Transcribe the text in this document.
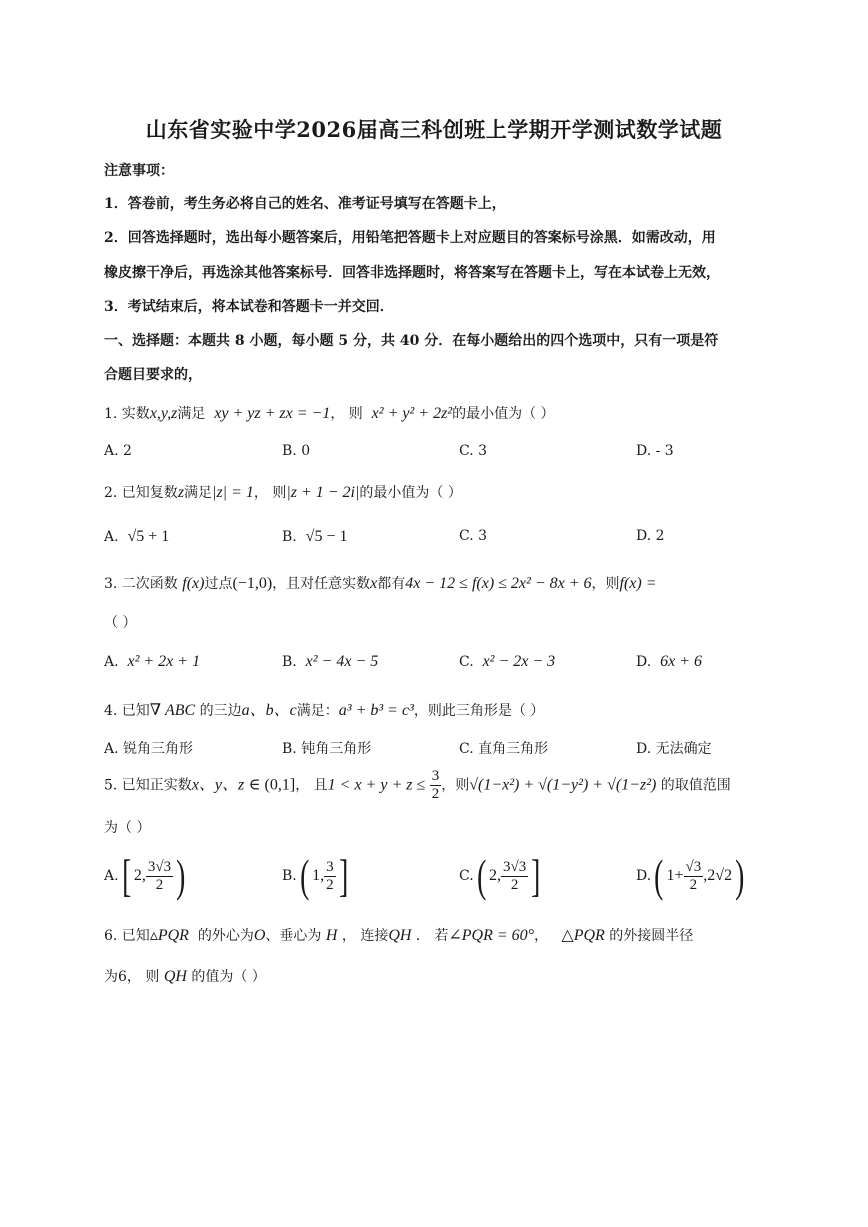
山东省实验中学2026届高三科创班上学期开学测试数学试题
注意事项：
1．答卷前，考生务必将自己的姓名、准考证号填写在答题卡上，
2．回答选择题时，选出每小题答案后，用铅笔把答题卡上对应题目的答案标号涂黑．如需改动，用
橡皮擦干净后，再选涂其他答案标号．回答非选择题时，将答案写在答题卡上，写在本试卷上无效，
3．考试结束后，将本试卷和答题卡一并交回．
一、选择题：本题共 8 小题，每小题 5 分，共 40 分．在每小题给出的四个选项中，只有一项是符
合题目要求的，
1. 实数x,y,z满足 xy + yz + zx = −1， 则 x² + y² + 2z²的最小值为（ ）
A. 2	B. 0	C. 3	D. - 3
2. 已知复数z满足|z| = 1， 则|z + 1 − 2i|的最小值为（ ）
A. √5 + 1	B. √5 − 1	C. 3	D. 2
3. 二次函数 f(x)过点(−1,0)，且对任意实数x都有4x − 12 ≤ f(x) ≤ 2x² − 8x + 6，则f(x) =
（ ）
A. x² + 2x + 1	B. x² − 4x − 5	C. x² − 2x − 3	D. 6x + 6
4. 已知∇ ABC 的三边a、b、c满足：a³ + b³ = c³，则此三角形是（ ）
A. 锐角三角形	B. 钝角三角形	C. 直角三角形	D. 无法确定
5. 已知正实数x、y、z ∈ (0,1]， 且$1 < x + y + z \le \frac{3}{2}$ ，则√(1−x²) + √(1−y²) + √(1−z²) 的取值范围
为（ ）
A.[ 2, $\frac{3√3}{2}$ )	B.( 1, $\frac{3}{2}$ ]	C.( 2, $\frac{3√3}{2}$ ]	D.( $1+ \frac{√3}{2} ,2√2$)
6. 已知▵PQR 的外心为O、垂心为 H ， 连接QH ． 若∠PQR = 60°， △PQR 的外接圆半径
为6， 则 QH 的值为（ ）
